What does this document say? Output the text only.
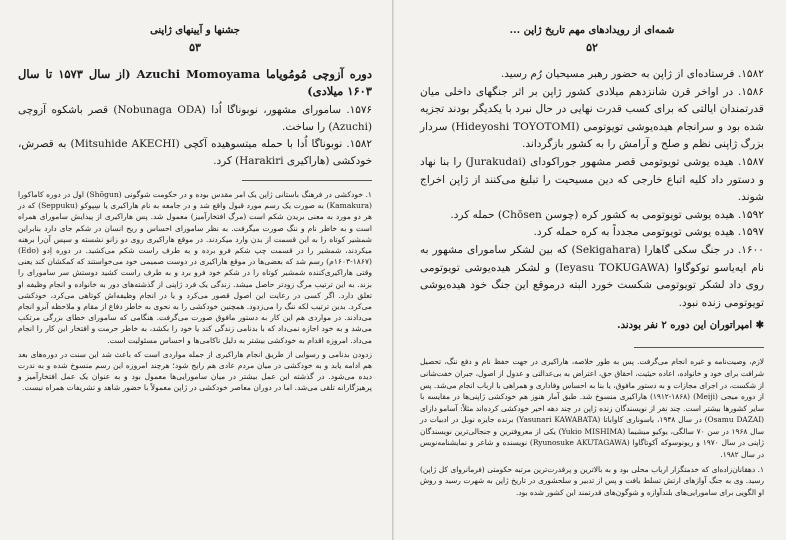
جشنها و آیینهای ژاپنی
۵۳
دوره آزوچی مُومُویاما Azuchi Momoyama (از سال ۱۵۷۳ تا سال ۱۶۰۳ میلادی)

۱۵۷۶. سامورای مشهور، نوبوناگا اُدا (Nobunaga ODA) قصر باشکوه آزوچی (Azuchi) را ساخت.

۱۵۸۲. نوبوناگا اُدا با حمله میتسوهیده آکچی (Mitsuhide AKECHI) به قصرش، خودکشی (هاراکیری Harakiri) کرد.

۱. خودکشی در فرهنگ باستانی ژاپن یک امر مقدس بوده و در حکومت شوگونی (Shōgun) اول در دوره کاماکورا (Kamakura) به صورت یک رسم مورد قبول واقع شد و در جامعه به نام هاراکیری یا سِپوکو (Seppuku) که در هر دو مورد به معنی بریدن شکم است (مرگ افتخارآمیز) معمول شد. پس هاراکیری از پیدایش سامورای همراه است و به خاطر نام و ننگ صورت میگرفت. به نظر سامورای احساس و ریح انسان در شکم جای دارد بنابراین شمشیر کوتاه را به این قسمت از بدن وارد میکردند. در موقع هاراکیری روی دو زانو نشسته و سپس آن‌را برهنه میکردند، شمشیر را در قسمت چپ شکم فرو برده و به طرف راست شکم می‌کشید. در دوره اِدو (Edo) (۱۶۰۳-۱۸۶۷م) رسم شد که بعضی‌ها در موقع هاراکیری در دوست صمیمی خود می‌خواستند که کمکشان کند یعنی وقتی هاراکیری‌کننده شمشیر کوتاه را در شکم خود فرو برد و به طرف راست کشید دوستش سر سامورای را بزند. به این ترتیب مرگ زودتر حاصل میشد. زندگی یک فرد ژاپنی از گذشته‌های دور به خانواده و انجام وظیفه او تعلق دارد. اگر کسی در رعایت این اصول قصور می‌کرد و یا در انجام وظیفه‌اش کوتاهی می‌کرد، خودکشی می‌کرد. بدین ترتیب لکه ننگ را می‌زدود. همچنین خودکشی را به نحوی به خاطر دفاع از مقام و ملاحظه آبرو انجام می‌دادند. در مواردی هم این کار به دستور مافوق صورت می‌گرفت. هنگامی که سامورای خطای بزرگی مرتکب می‌شد و به خود اجازه نمی‌داد که با بدنامی زندگی کند یا خود را بکشد، به خاطر حرمت و افتخار این کار را انجام می‌داد. امروزه اقدام به خودکشی بیشتر به دلیل ناکامی‌ها و احساس مسئولیت است.

زدودن بدنامی و رسوایی از طریق انجام هاراکیری از جمله مواردی است که باعث شد این سنت در دوره‌های بعد هم ادامه یابد و به خودکشی در میان مردم عادی هم رایج شود؛ هرچند امروزه این رسم منسوخ شده و به ندرت دیده می‌شود. در گذشته این عمل بیشتر در میان سامورایی‌ها معمول بود و به عنوان یک عمل افتخارآمیز و پرهیزگارانه تلقی می‌شد. اما در دوران معاصر خودکشی در ژاپن معمولاً با حضور شاهد و تشریفات همراه نیست.

شمه‌ای از رویدادهای مهم تاریخ ژاپن ...
۵۲

۱۵۸۲. فرستاده‌ای از ژاپن به حضور رهبر مسیحیان رُم رسید.

۱۵۸۶. در اواخر قرن شانزدهم میلادی کشور ژاپن بر اثر جنگهای داخلی میان قدرتمندان ایالتی که برای کسب قدرت نهایی در حال نبرد با یکدیگر بودند تجزیه شده بود و سرانجام هیده‌یوشی تویوتومی (Hideyoshi TOYOTOMI) سردار بزرگ ژاپنی نظم و صلح و آرامش را به کشور بازگرداند.

۱۵۸۷. هیده یوشی تویوتومی قصر مشهور جوراکودای (Jurakudai) را بنا نهاد و دستور داد کلیه اتباع خارجی که دین مسیحیت را تبلیغ می‌کنند از ژاپن اخراج شوند.

۱۵۹۲. هیده یوشی تویوتومی به کشور کره (چوسن Chōsen) حمله کرد.

۱۵۹۷. هیده یوشی تویوتومی مجدداً به کره حمله کرد.

۱۶۰۰. در جنگ سکی گاهارا (Sekigahara) که بین لشکر سامورای مشهور به نام ایه‌یاسو توکوگاوا (Ieyasu TOKUGAWA) و لشکر هیده‌یوشی تویوتومی روی داد لشکر تویوتومی شکست خورد البته درموقع این جنگ خود هیده‌یوشی تویوتومی زنده نبود.

✱ امپراتوران این دوره ۲ نفر بودند.

لازم، وصیت‌نامه و غیره انجام می‌گرفت. پس به طور خلاصه، هاراکیری در جهت حفظ نام و دفع ننگ، تحصیل شرافت برای خود و خانواده، اعاده حیثیت، احقاق حق، اعتراض به بی‌عدالتی و عدول از اصول، جبران خفت‌شانی از شکست، در اجرای مجازات و به دستور مافوق، یا بنا به احساس وفاداری و همراهی با ارباب انجام می‌شد. پس از دوره میجی (Meiji) (۱۹۱۲-۱۸۶۸) هاراکیری منسوخ شد. طبق آمار هنوز هم خودکشی ژاپنی‌ها در مقایسه با سایر کشورها بیشتر است. چند نفر از نویسندگان زنده ژاپن در چند دهه اخیر خودکشی کرده‌اند مثلاً: آسامو دازای (Osamu DAZAI) در سال ۱۹۴۸، یاسوناری کاواباتا (Yasunari KAWABATA) برنده جایزه نوبل در ادبیات در سال ۱۹۶۸ در سن ۷۰ سالگی، یوکیو میشیما (Yukio MISHIMA) یکی از معروفترین و جنجالی‌ترین نویسندگان ژاپنی در سال ۱۹۷۰ و ریونوسوکه آکوتاگاوا (Ryunosuke AKUTAGAWA) نویسنده و شاعر و نمایشنامه‌نویس در سال ۱۹۸۲.

۱. دهقانان‌زاده‌ای که خدمتگزار ارباب محلی بود و به بالاترین و پرقدرت‌ترین مرتبه حکومتی (فرمانروای کل ژاپن) رسید. وی به جنگ آوازهای ارتش تسلط یافت و پس از تدبیر و سلحشوری در تاریخ ژاپن به شهرت رسید و روش او الگویی برای سامورایی‌های بلندآوازه و شوگون‌های قدرتمند این کشور شده بود.
